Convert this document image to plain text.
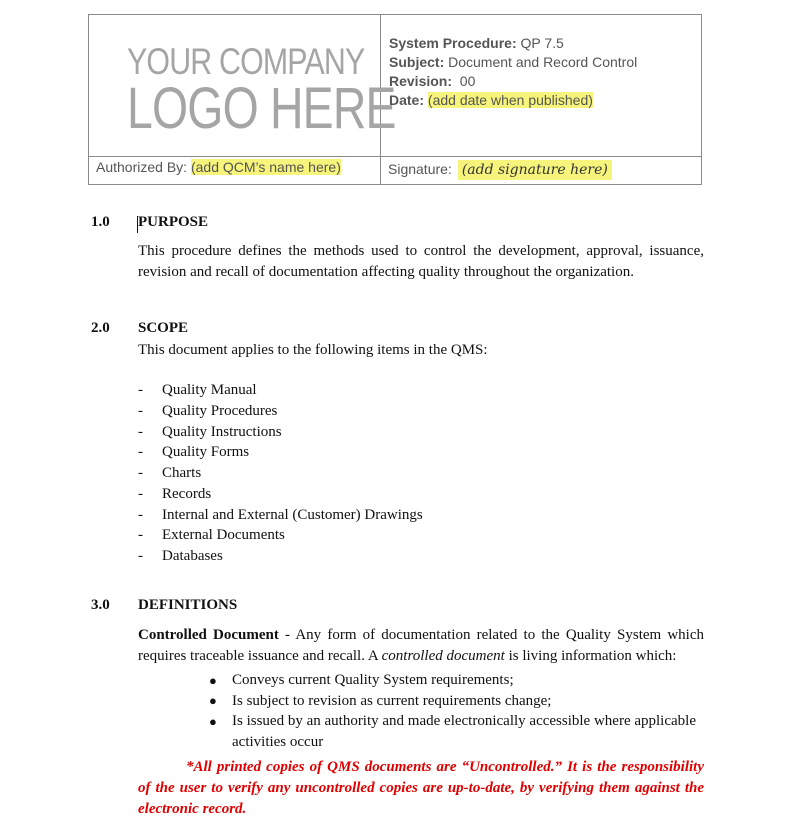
YOUR COMPANY
LOGO HERE
System Procedure: QP 7.5
Subject: Document and Record Control
Revision: 00
Date: (add date when published)
Authorized By: (add QCM’s name here)	Signature: (add signature here)
1.0 PURPOSE
This procedure defines the methods used to control the development, approval, issuance, revision and recall of documentation affecting quality throughout the organization.
2.0 SCOPE
This document applies to the following items in the QMS:
- Quality Manual
- Quality Procedures
- Quality Instructions
- Quality Forms
- Charts
- Records
- Internal and External (Customer) Drawings
- External Documents
- Databases
3.0 DEFINITIONS
Controlled Document - Any form of documentation related to the Quality System which requires traceable issuance and recall. A controlled document is living information which:
● Conveys current Quality System requirements;
● Is subject to revision as current requirements change;
● Is issued by an authority and made electronically accessible where applicable activities occur
*All printed copies of QMS documents are “Uncontrolled.” It is the responsibility of the user to verify any uncontrolled copies are up-to-date, by verifying them against the electronic record.
